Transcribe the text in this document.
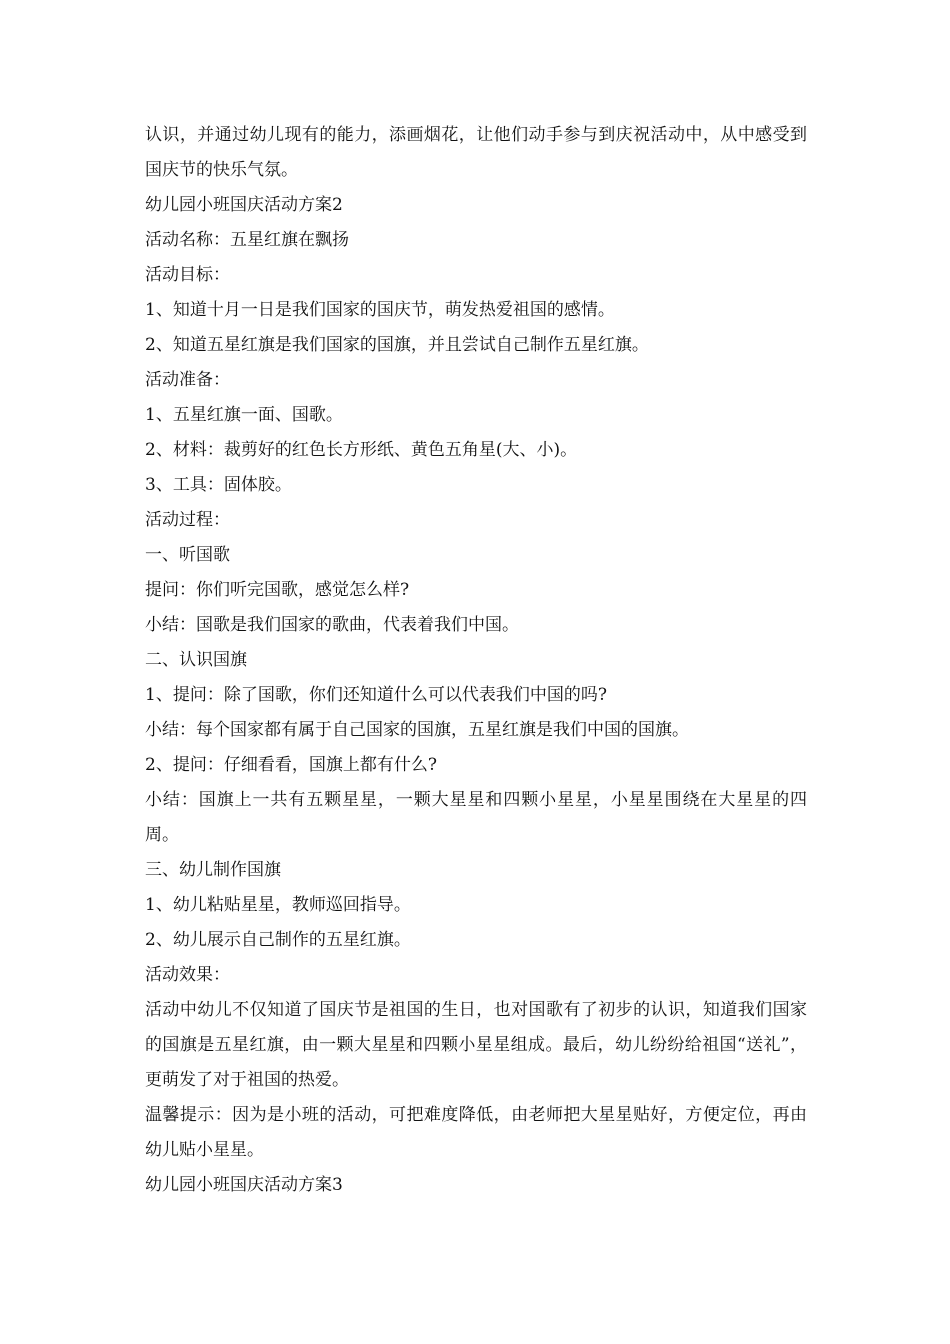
认识，并通过幼儿现有的能力，添画烟花，让他们动手参与到庆祝活动中，从中感受到国庆节的快乐气氛。

幼儿园小班国庆活动方案2

活动名称：五星红旗在飘扬

活动目标：

1、知道十月一日是我们国家的国庆节，萌发热爱祖国的感情。

2、知道五星红旗是我们国家的国旗，并且尝试自己制作五星红旗。

活动准备：

1、五星红旗一面、国歌。

2、材料：裁剪好的红色长方形纸、黄色五角星(大、小)。

3、工具：固体胶。

活动过程：

一、听国歌

提问：你们听完国歌，感觉怎么样?

小结：国歌是我们国家的歌曲，代表着我们中国。

二、认识国旗

1、提问：除了国歌，你们还知道什么可以代表我们中国的吗?

小结：每个国家都有属于自己国家的国旗，五星红旗是我们中国的国旗。

2、提问：仔细看看，国旗上都有什么?

小结：国旗上一共有五颗星星，一颗大星星和四颗小星星，小星星围绕在大星星的四周。

三、幼儿制作国旗

1、幼儿粘贴星星，教师巡回指导。

2、幼儿展示自己制作的五星红旗。

活动效果：

活动中幼儿不仅知道了国庆节是祖国的生日，也对国歌有了初步的认识，知道我们国家的国旗是五星红旗，由一颗大星星和四颗小星星组成。最后，幼儿纷纷给祖国“送礼”，更萌发了对于祖国的热爱。

温馨提示：因为是小班的活动，可把难度降低，由老师把大星星贴好，方便定位，再由幼儿贴小星星。

幼儿园小班国庆活动方案3
